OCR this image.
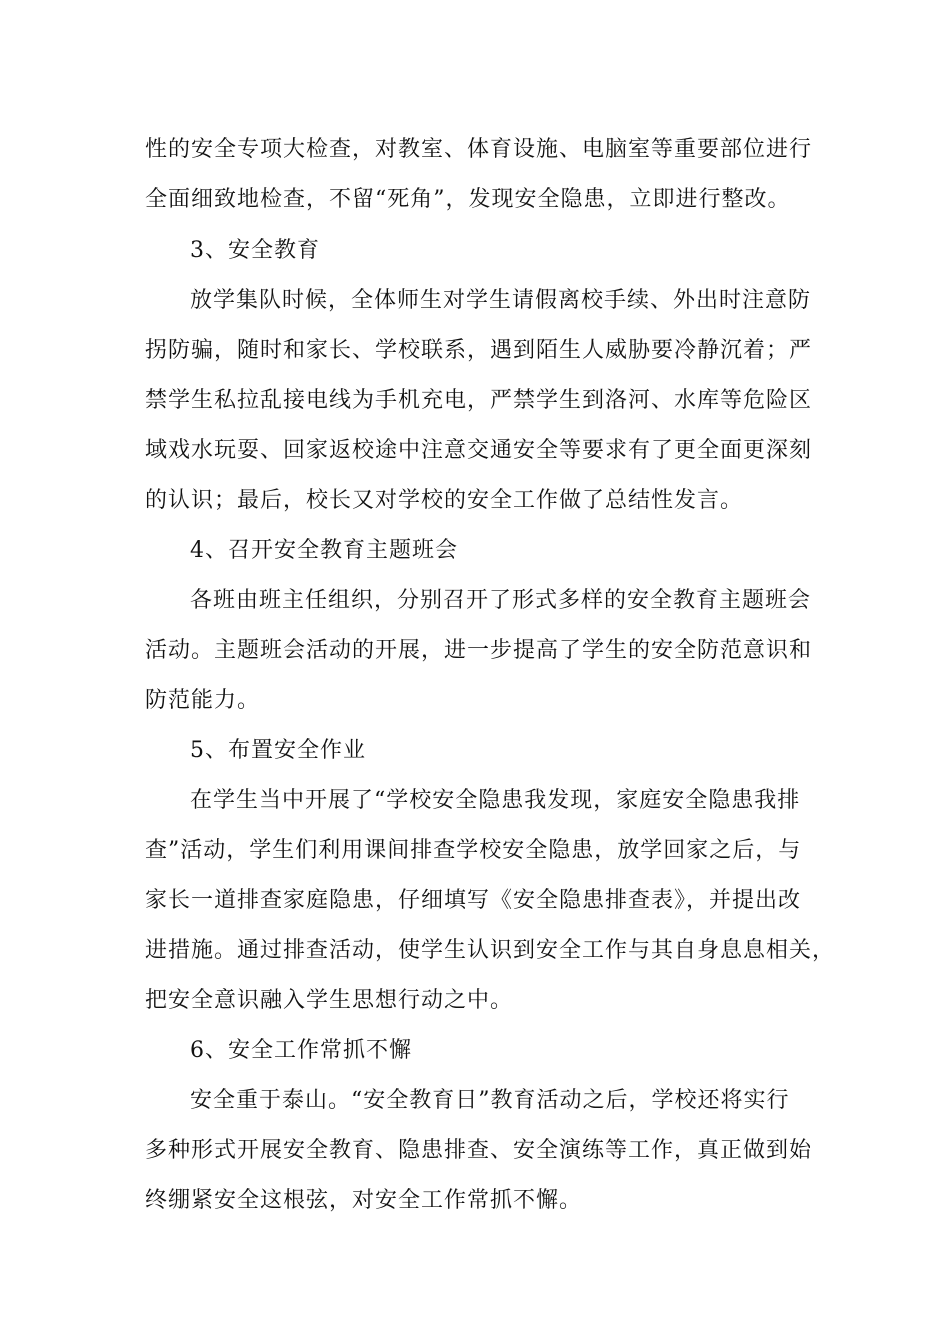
性的安全专项大检查，对教室、体育设施、电脑室等重要部位进行
全面细致地检查，不留“死角”，发现安全隐患，立即进行整改。
3、安全教育
放学集队时候，全体师生对学生请假离校手续、外出时注意防
拐防骗，随时和家长、学校联系，遇到陌生人威胁要冷静沉着；严
禁学生私拉乱接电线为手机充电，严禁学生到洛河、水库等危险区
域戏水玩耍、回家返校途中注意交通安全等要求有了更全面更深刻
的认识；最后，校长又对学校的安全工作做了总结性发言。
4、召开安全教育主题班会
各班由班主任组织，分别召开了形式多样的安全教育主题班会
活动。主题班会活动的开展，进一步提高了学生的安全防范意识和
防范能力。
5、布置安全作业
在学生当中开展了“学校安全隐患我发现，家庭安全隐患我排
查”活动，学生们利用课间排查学校安全隐患，放学回家之后，与
家长一道排查家庭隐患，仔细填写《安全隐患排查表》，并提出改
进措施。通过排查活动，使学生认识到安全工作与其自身息息相关，
把安全意识融入学生思想行动之中。
6、安全工作常抓不懈
安全重于泰山。“安全教育日”教育活动之后，学校还将实行
多种形式开展安全教育、隐患排查、安全演练等工作，真正做到始
终绷紧安全这根弦，对安全工作常抓不懈。
